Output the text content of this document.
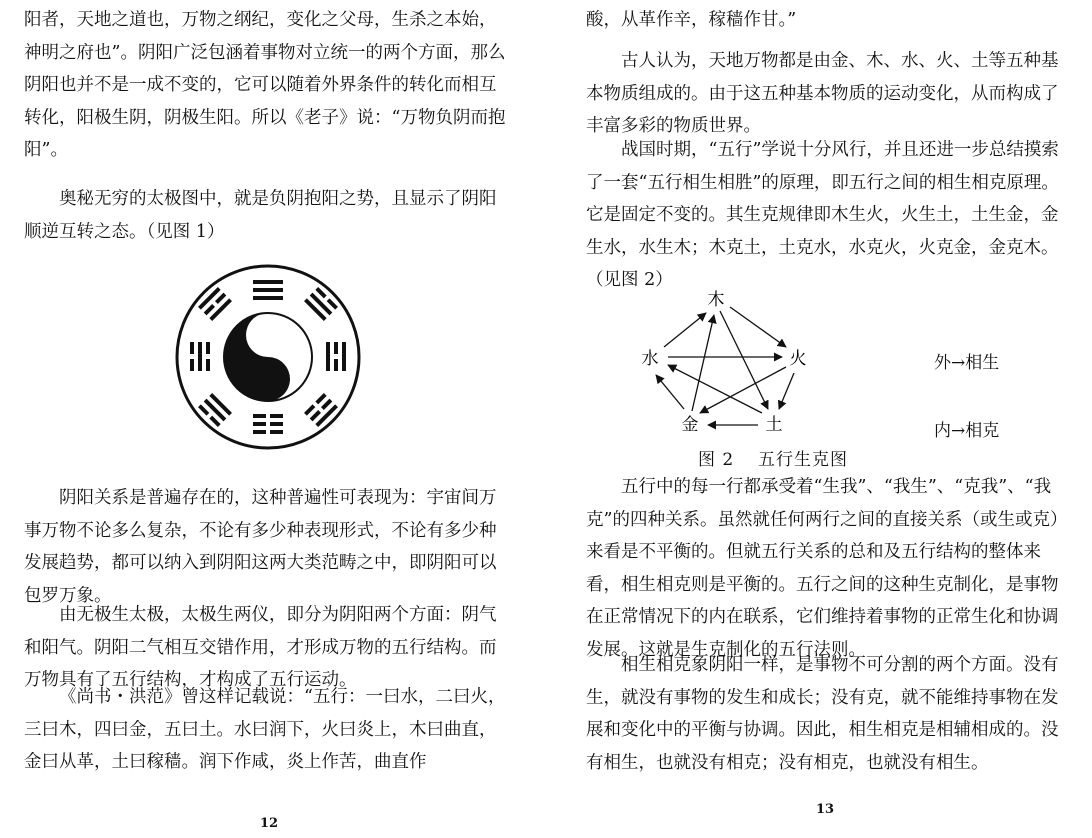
阳者，天地之道也，万物之纲纪，变化之父母，生杀之本始，神明之府也”。阴阳广泛包涵着事物对立统一的两个方面，那么阴阳也并不是一成不变的，它可以随着外界条件的转化而相互转化，阳极生阴，阴极生阳。所以《老子》说：“万物负阴而抱阳”。

奥秘无穷的太极图中，就是负阴抱阳之势，且显示了阴阳顺逆互转之态。（见图 1）

阴阳关系是普遍存在的，这种普遍性可表现为：宇宙间万事万物不论多么复杂，不论有多少种表现形式，不论有多少种发展趋势，都可以纳入到阴阳这两大类范畴之中，即阴阳可以包罗万象。

由无极生太极，太极生两仪，即分为阴阳两个方面：阴气和阳气。阴阳二气相互交错作用，才形成万物的五行结构。而万物具有了五行结构，才构成了五行运动。

《尚书・洪范》曾这样记载说：“五行：一曰水，二曰火，三曰木，四曰金，五曰土。水曰润下，火曰炎上，木曰曲直，金曰从革，土曰稼穑。润下作咸，炎上作苦，曲直作

12

酸，从革作辛，稼穑作甘。”

古人认为，天地万物都是由金、木、水、火、土等五种基本物质组成的。由于这五种基本物质的运动变化，从而构成了丰富多彩的物质世界。

战国时期，“五行”学说十分风行，并且还进一步总结摸索了一套“五行相生相胜”的原理，即五行之间的相生相克原理。它是固定不变的。其生克规律即木生火，火生土，土生金，金生水，水生木；木克土，土克水，水克火，火克金，金克木。（见图 2）

木
火
土
金
水	外→相生
内→相克
图 2 五行生克图

五行中的每一行都承受着“生我”、“我生”、“克我”、“我克”的四种关系。虽然就任何两行之间的直接关系（或生或克）来看是不平衡的。但就五行关系的总和及五行结构的整体来看，相生相克则是平衡的。五行之间的这种生克制化，是事物在正常情况下的内在联系，它们维持着事物的正常生化和协调发展。这就是生克制化的五行法则。

相生相克象阴阳一样，是事物不可分割的两个方面。没有生，就没有事物的发生和成长；没有克，就不能维持事物在发展和变化中的平衡与协调。因此，相生相克是相辅相成的。没有相生，也就没有相克；没有相克，也就没有相生。

13
